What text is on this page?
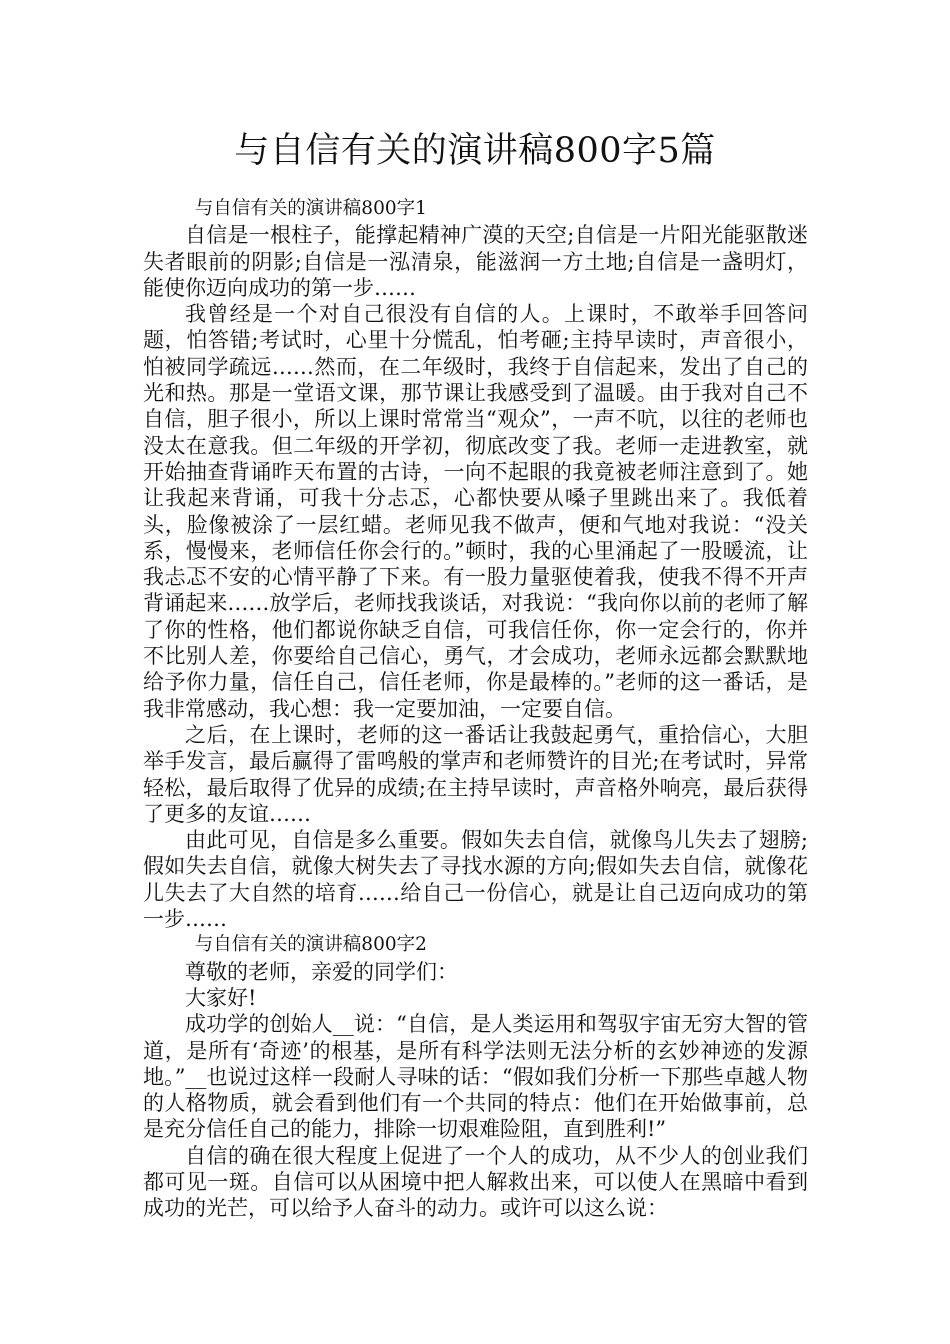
与自信有关的演讲稿800字5篇

与自信有关的演讲稿800字1

自信是一根柱子，能撑起精神广漠的天空;自信是一片阳光能驱散迷失者眼前的阴影;自信是一泓清泉，能滋润一方土地;自信是一盏明灯，能使你迈向成功的第一步……

我曾经是一个对自己很没有自信的人。上课时，不敢举手回答问题，怕答错;考试时，心里十分慌乱，怕考砸;主持早读时，声音很小，怕被同学疏远……然而，在二年级时，我终于自信起来，发出了自己的光和热。那是一堂语文课，那节课让我感受到了温暖。由于我对自己不自信，胆子很小，所以上课时常常当“观众”，一声不吭，以往的老师也没太在意我。但二年级的开学初，彻底改变了我。老师一走进教室，就开始抽查背诵昨天布置的古诗，一向不起眼的我竟被老师注意到了。她让我起来背诵，可我十分忐忑，心都快要从嗓子里跳出来了。我低着头，脸像被涂了一层红蜡。老师见我不做声，便和气地对我说：“没关系，慢慢来，老师信任你会行的。”顿时，我的心里涌起了一股暖流，让我忐忑不安的心情平静了下来。有一股力量驱使着我，使我不得不开声背诵起来……放学后，老师找我谈话，对我说：“我向你以前的老师了解了你的性格，他们都说你缺乏自信，可我信任你，你一定会行的，你并不比别人差，你要给自己信心，勇气，才会成功，老师永远都会默默地给予你力量，信任自己，信任老师，你是最棒的。”老师的这一番话，是我非常感动，我心想：我一定要加油，一定要自信。

之后，在上课时，老师的这一番话让我鼓起勇气，重拾信心，大胆举手发言，最后赢得了雷鸣般的掌声和老师赞许的目光;在考试时，异常轻松，最后取得了优异的成绩;在主持早读时，声音格外响亮，最后获得了更多的友谊……

由此可见，自信是多么重要。假如失去自信，就像鸟儿失去了翅膀;假如失去自信，就像大树失去了寻找水源的方向;假如失去自信，就像花儿失去了大自然的培育……给自己一份信心，就是让自己迈向成功的第一步……

与自信有关的演讲稿800字2

尊敬的老师，亲爱的同学们：

大家好!

成功学的创始人__说：“自信，是人类运用和驾驭宇宙无穷大智的管道，是所有‘奇迹’的根基，是所有科学法则无法分析的玄妙神迹的发源地。”__也说过这样一段耐人寻味的话：“假如我们分析一下那些卓越人物的人格物质，就会看到他们有一个共同的特点：他们在开始做事前，总是充分信任自己的能力，排除一切艰难险阻，直到胜利!”

自信的确在很大程度上促进了一个人的成功，从不少人的创业我们都可见一斑。自信可以从困境中把人解救出来，可以使人在黑暗中看到成功的光芒，可以给予人奋斗的动力。或许可以这么说：
